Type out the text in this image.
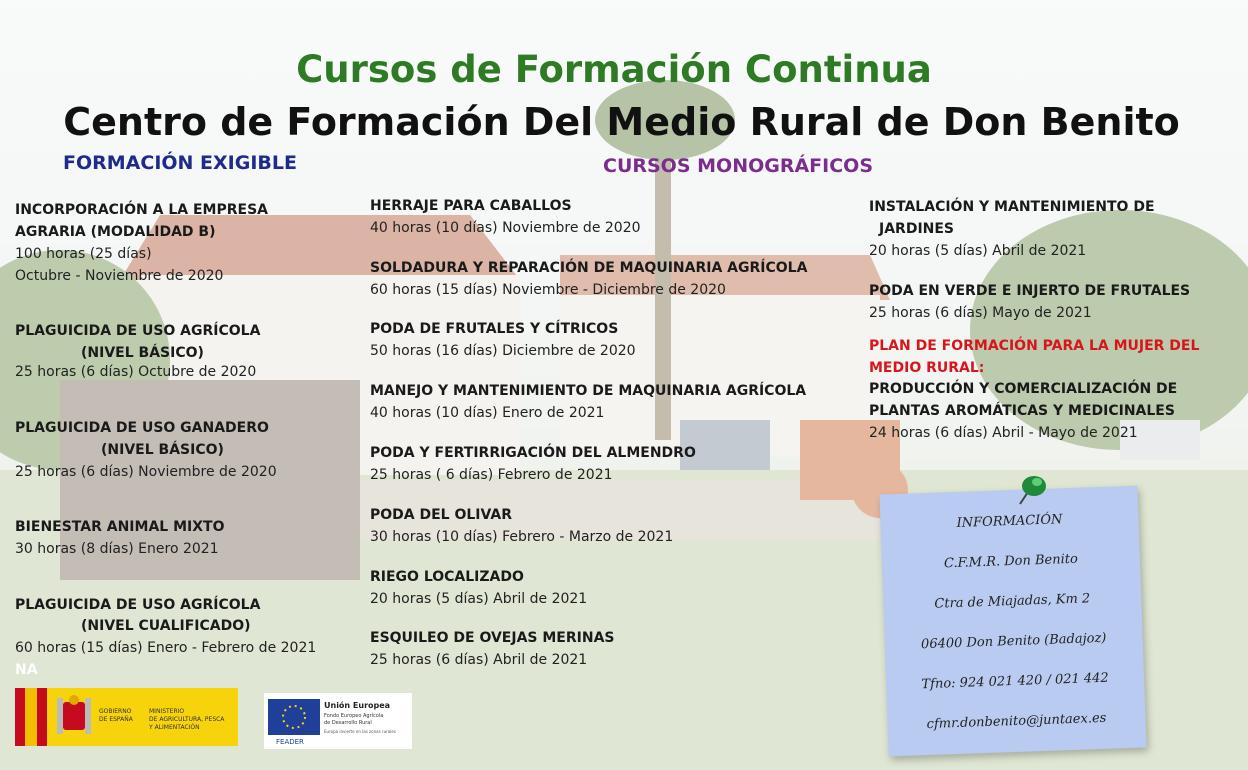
Cursos de Formación Continua
Centro de Formación Del Medio Rural de Don Benito
FORMACIÓN EXIGIBLE	CURSOS MONOGRÁFICOS
INCORPORACIÓN A LA EMPRESA
AGRARIA (MODALIDAD B)
100 horas (25 días)
Octubre - Noviembre de 2020
PLAGUICIDA DE USO AGRÍCOLA
(NIVEL BÁSICO)
25 horas (6 días) Octubre de 2020
PLAGUICIDA DE USO GANADERO
(NIVEL BÁSICO)
25 horas (6 días) Noviembre de 2020
BIENESTAR ANIMAL MIXTO
30 horas (8 días) Enero 2021
PLAGUICIDA DE USO AGRÍCOLA
(NIVEL CUALIFICADO)
60 horas (15 días) Enero - Febrero de 2021
NA
HERRAJE PARA CABALLOS
40 horas (10 días) Noviembre de 2020
SOLDADURA Y REPARACIÓN DE MAQUINARIA AGRÍCOLA
60 horas (15 días) Noviembre - Diciembre de 2020
PODA DE FRUTALES Y CÍTRICOS
50 horas (16 días) Diciembre de 2020
MANEJO Y MANTENIMIENTO DE MAQUINARIA AGRÍCOLA
40 horas (10 días) Enero de 2021
PODA Y FERTIRRIGACIÓN DEL ALMENDRO
25 horas ( 6 días) Febrero de 2021
PODA DEL OLIVAR
30 horas (10 días) Febrero - Marzo de 2021
RIEGO LOCALIZADO
20 horas (5 días) Abril de 2021
ESQUILEO DE OVEJAS MERINAS
25 horas (6 días) Abril de 2021
INSTALACIÓN Y MANTENIMIENTO DE
JARDINES
20 horas (5 días) Abril de 2021
PODA EN VERDE E INJERTO DE FRUTALES
25 horas (6 días) Mayo de 2021
PLAN DE FORMACIÓN PARA LA MUJER DEL
MEDIO RURAL:
PRODUCCIÓN Y COMERCIALIZACIÓN DE
PLANTAS AROMÁTICAS Y MEDICINALES
24 horas (6 días) Abril - Mayo de 2021
INFORMACIÓN
C.F.M.R. Don Benito
Ctra de Miajadas, Km 2
06400 Don Benito (Badajoz)
Tfno: 924 021 420 / 021 442
cfmr.donbenito@juntaex.es
GOBIERNO
DE ESPAÑA
MINISTERIO
DE AGRICULTURA, PESCA
Y ALIMENTACIÓN
Unión Europea
Fondo Europeo Agrícola
de Desarrollo Rural
Europa invierte en las zonas rurales
FEADER
